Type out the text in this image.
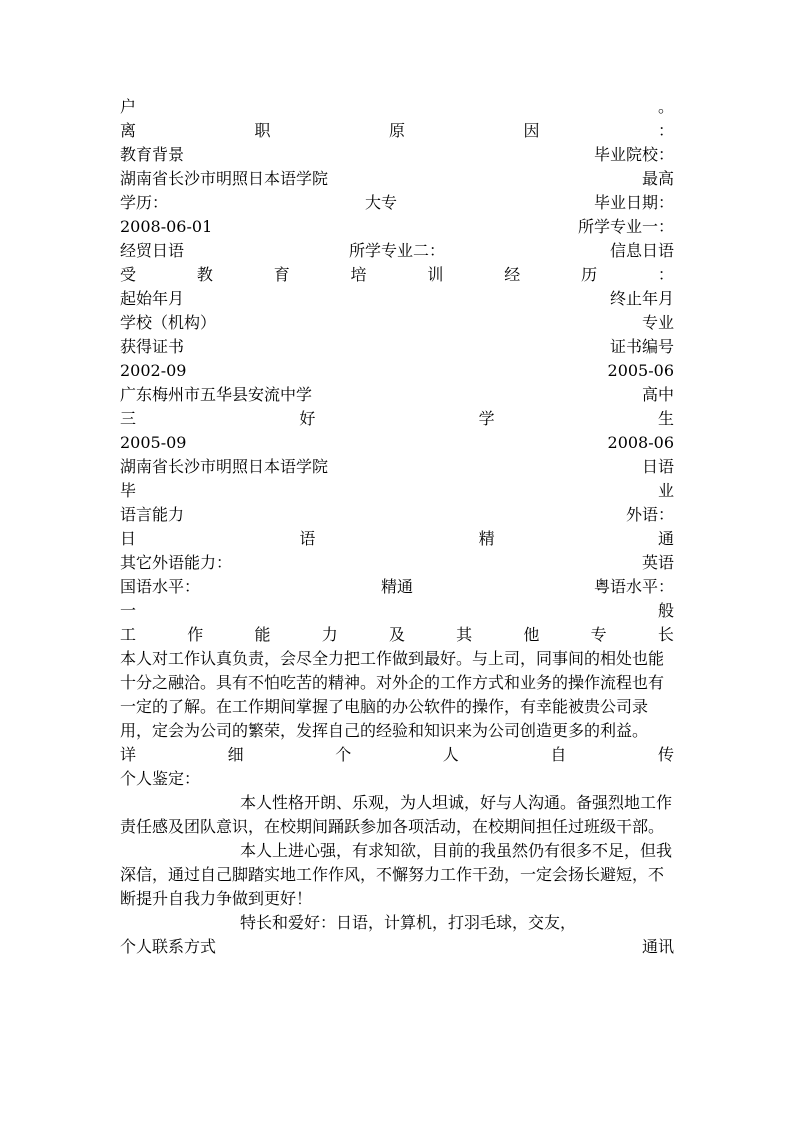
户	。
离	职	原	因	：
教育背景	毕业院校：
湖南省长沙市明照日本语学院	最高
学历：	大专	毕业日期：
2008-06-01	所学专业一：
经贸日语	所学专业二：	信息日语
受	教	育	培	训	经	历	：
起始年月	终止年月
学校（机构）	专业
获得证书	证书编号
2002-09	2005-06
广东梅州市五华县安流中学	高中
三	好	学	生
2005-09	2008-06
湖南省长沙市明照日本语学院	日语
毕	业
语言能力	外语：
日	语	精	通
其它外语能力：	英语
国语水平：	精通	粤语水平：
一	般
工	作	能	力	及	其	他	专	长

本人对工作认真负责，会尽全力把工作做到最好。与上司，同事间的相处也能十分之融洽。具有不怕吃苦的精神。对外企的工作方式和业务的操作流程也有一定的了解。在工作期间掌握了电脑的办公软件的操作，有幸能被贵公司录用，定会为公司的繁荣，发挥自己的经验和知识来为公司创造更多的利益。

详	细	个	人	自	传
个人鉴定：

本人性格开朗、乐观，为人坦诚，好与人沟通。备强烈地工作责任感及团队意识，在校期间踊跃参加各项活动，在校期间担任过班级干部。

本人上进心强，有求知欲，目前的我虽然仍有很多不足，但我深信，通过自己脚踏实地工作作风，不懈努力工作干劲，一定会扬长避短，不断提升自我力争做到更好！

特长和爱好：日语，计算机，打羽毛球，交友，

个人联系方式	通讯
